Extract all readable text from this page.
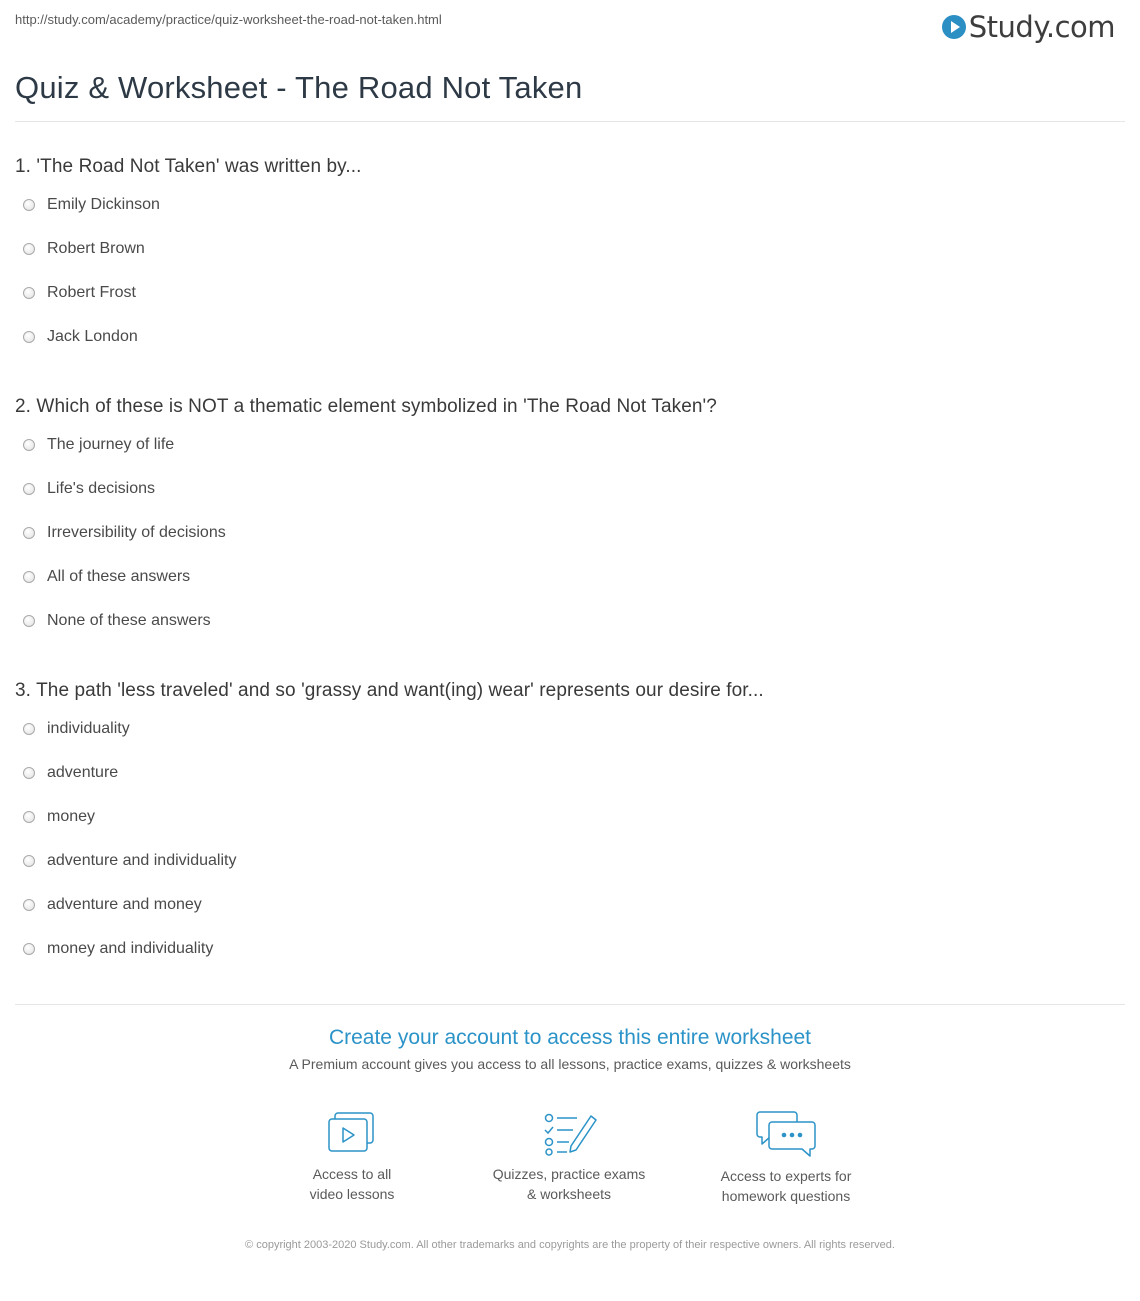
http://study.com/academy/practice/quiz-worksheet-the-road-not-taken.html	Study.com
Quiz & Worksheet - The Road Not Taken
1. 'The Road Not Taken' was written by...
Emily Dickinson
Robert Brown
Robert Frost
Jack London
2. Which of these is NOT a thematic element symbolized in 'The Road Not Taken'?
The journey of life
Life's decisions
Irreversibility of decisions
All of these answers
None of these answers
3. The path 'less traveled' and so 'grassy and want(ing) wear' represents our desire for...
individuality
adventure
money
adventure and individuality
adventure and money
money and individuality
Create your account to access this entire worksheet
A Premium account gives you access to all lessons, practice exams, quizzes & worksheets
Access to all
video lessons
Quizzes, practice exams
& worksheets
Access to experts for
homework questions
© copyright 2003-2020 Study.com. All other trademarks and copyrights are the property of their respective owners. All rights reserved.
